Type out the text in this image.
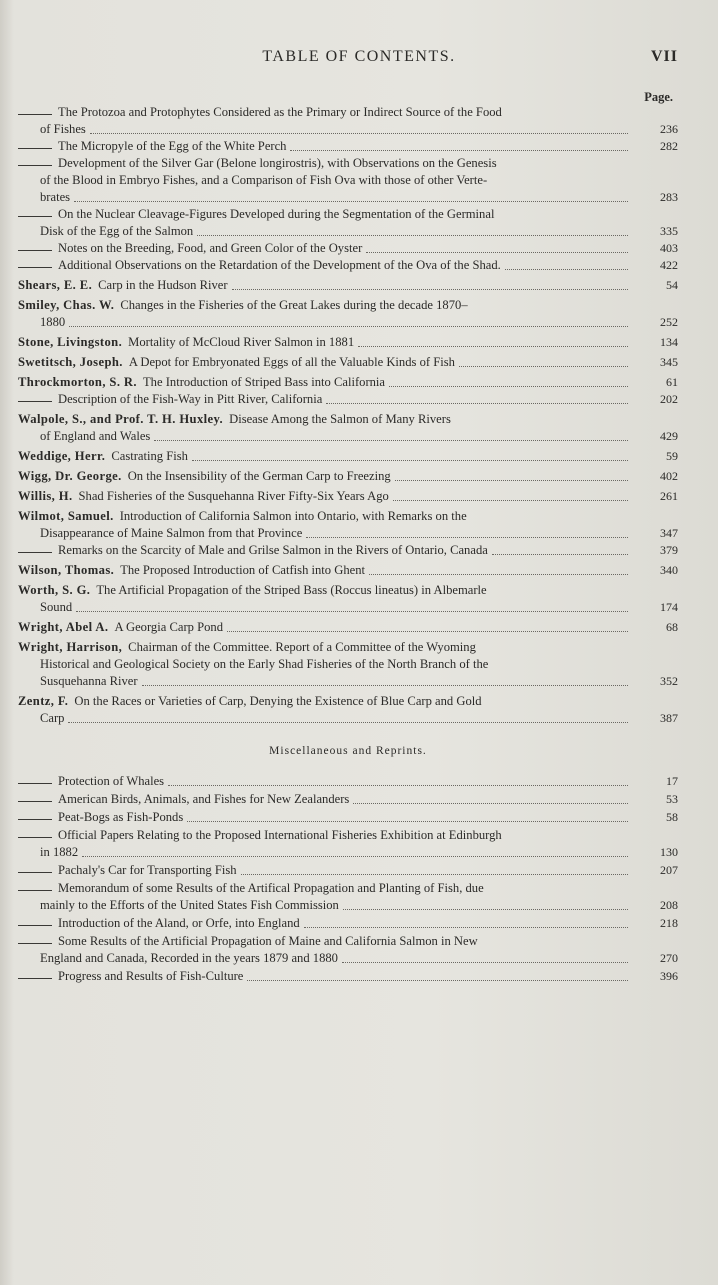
TABLE OF CONTENTS.	VII
Page.
The Protozoa and Protophytes Considered as the Primary or Indirect Source of the Food
of Fishes	236
The Micropyle of the Egg of the White Perch	282
Development of the Silver Gar (Belone longirostris), with Observations on the Genesis
of the Blood in Embryo Fishes, and a Comparison of Fish Ova with those of other Verte-
brates	283
On the Nuclear Cleavage-Figures Developed during the Segmentation of the Germinal
Disk of the Egg of the Salmon	335
Notes on the Breeding, Food, and Green Color of the Oyster	403
Additional Observations on the Retardation of the Development of the Ova of the Shad.	422
Shears, E. E. Carp in the Hudson River	54
Smiley, Chas. W. Changes in the Fisheries of the Great Lakes during the decade 1870–
1880	252
Stone, Livingston. Mortality of McCloud River Salmon in 1881	134
Swetitsch, Joseph. A Depot for Embryonated Eggs of all the Valuable Kinds of Fish	345
Throckmorton, S. R. The Introduction of Striped Bass into California	61
Description of the Fish-Way in Pitt River, California	202
Walpole, S., and Prof. T. H. Huxley. Disease Among the Salmon of Many Rivers
of England and Wales	429
Weddige, Herr. Castrating Fish	59
Wigg, Dr. George. On the Insensibility of the German Carp to Freezing	402
Willis, H. Shad Fisheries of the Susquehanna River Fifty-Six Years Ago	261
Wilmot, Samuel. Introduction of California Salmon into Ontario, with Remarks on the
Disappearance of Maine Salmon from that Province	347
Remarks on the Scarcity of Male and Grilse Salmon in the Rivers of Ontario, Canada	379
Wilson, Thomas. The Proposed Introduction of Catfish into Ghent	340
Worth, S. G. The Artificial Propagation of the Striped Bass (Roccus lineatus) in Albemarle
Sound	174
Wright, Abel A. A Georgia Carp Pond	68
Wright, Harrison, Chairman of the Committee. Report of a Committee of the Wyoming
Historical and Geological Society on the Early Shad Fisheries of the North Branch of the
Susquehanna River	352
Zentz, F. On the Races or Varieties of Carp, Denying the Existence of Blue Carp and Gold
Carp	387
Miscellaneous and Reprints.
Protection of Whales	17
American Birds, Animals, and Fishes for New Zealanders	53
Peat-Bogs as Fish-Ponds	58
Official Papers Relating to the Proposed International Fisheries Exhibition at Edinburgh
in 1882	130
Pachaly's Car for Transporting Fish	207
Memorandum of some Results of the Artifical Propagation and Planting of Fish, due
mainly to the Efforts of the United States Fish Commission	208
Introduction of the Aland, or Orfe, into England	218
Some Results of the Artificial Propagation of Maine and California Salmon in New
England and Canada, Recorded in the years 1879 and 1880	270
Progress and Results of Fish-Culture	396
